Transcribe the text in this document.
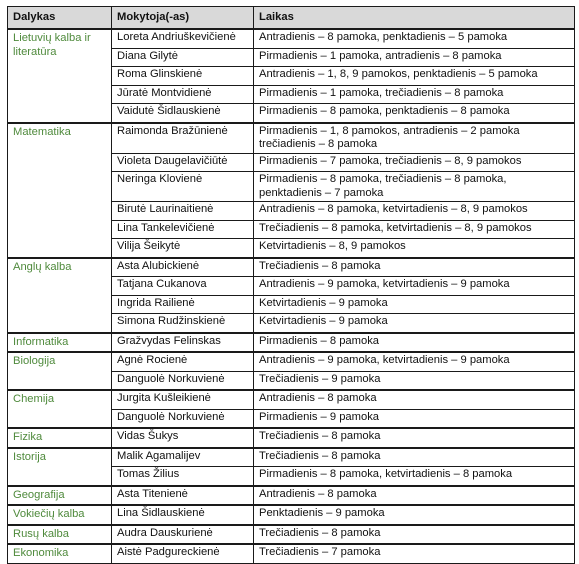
Dalykas	Mokytoja(-as)	Laikas
Lietuvių kalba ir literatūra	Loreta Andriuškevičienė	Antradienis – 8 pamoka, penktadienis – 5 pamoka
	Diana Gilytė	Pirmadienis – 1 pamoka, antradienis – 8 pamoka
	Roma Glinskienė	Antradienis – 1, 8, 9 pamokos, penktadienis – 5 pamoka
	Jūratė Montvidienė	Pirmadienis – 1 pamoka, trečiadienis – 8 pamoka
	Vaidutė Šidlauskienė	Pirmadienis – 8 pamoka, penktadienis – 8 pamoka
Matematika	Raimonda Bražūnienė	Pirmadienis – 1, 8 pamokos, antradienis – 2 pamoka trečiadienis – 8 pamoka
	Violeta Daugelavičiūtė	Pirmadienis – 7 pamoka, trečiadienis – 8, 9 pamokos
	Neringa Klovienė	Pirmadienis – 8 pamoka, trečiadienis – 8 pamoka, penktadienis – 7 pamoka
	Birutė Laurinaitienė	Antradienis – 8 pamoka, ketvirtadienis – 8, 9 pamokos
	Lina Tankelevičienė	Trečiadienis – 8 pamoka, ketvirtadienis – 8, 9 pamokos
	Vilija Šeikytė	Ketvirtadienis – 8, 9 pamokos
Anglų kalba	Asta Alubickienė	Trečiadienis – 8 pamoka
	Tatjana Cukanova	Antradienis – 9 pamoka, ketvirtadienis – 9 pamoka
	Ingrida Railienė	Ketvirtadienis – 9 pamoka
	Simona Rudžinskienė	Ketvirtadienis – 9 pamoka
Informatika	Gražvydas Felinskas	Pirmadienis – 8 pamoka
Biologija	Agnė Rocienė	Antradienis – 9 pamoka, ketvirtadienis – 9 pamoka
	Danguolė Norkuvienė	Trečiadienis – 9 pamoka
Chemija	Jurgita Kušleikienė	Antradienis – 8 pamoka
	Danguolė Norkuvienė	Pirmadienis – 9 pamoka
Fizika	Vidas Šukys	Trečiadienis – 8 pamoka
Istorija	Malik Agamalijev	Trečiadienis – 8 pamoka
	Tomas Žilius	Pirmadienis – 8 pamoka, ketvirtadienis – 8 pamoka
Geografija	Asta Titenienė	Antradienis – 8 pamoka
Vokiečių kalba	Lina Šidlauskienė	Penktadienis – 9 pamoka
Rusų kalba	Audra Dauskurienė	Trečiadienis – 8 pamoka
Ekonomika	Aistė Padgureckienė	Trečiadienis – 7 pamoka
